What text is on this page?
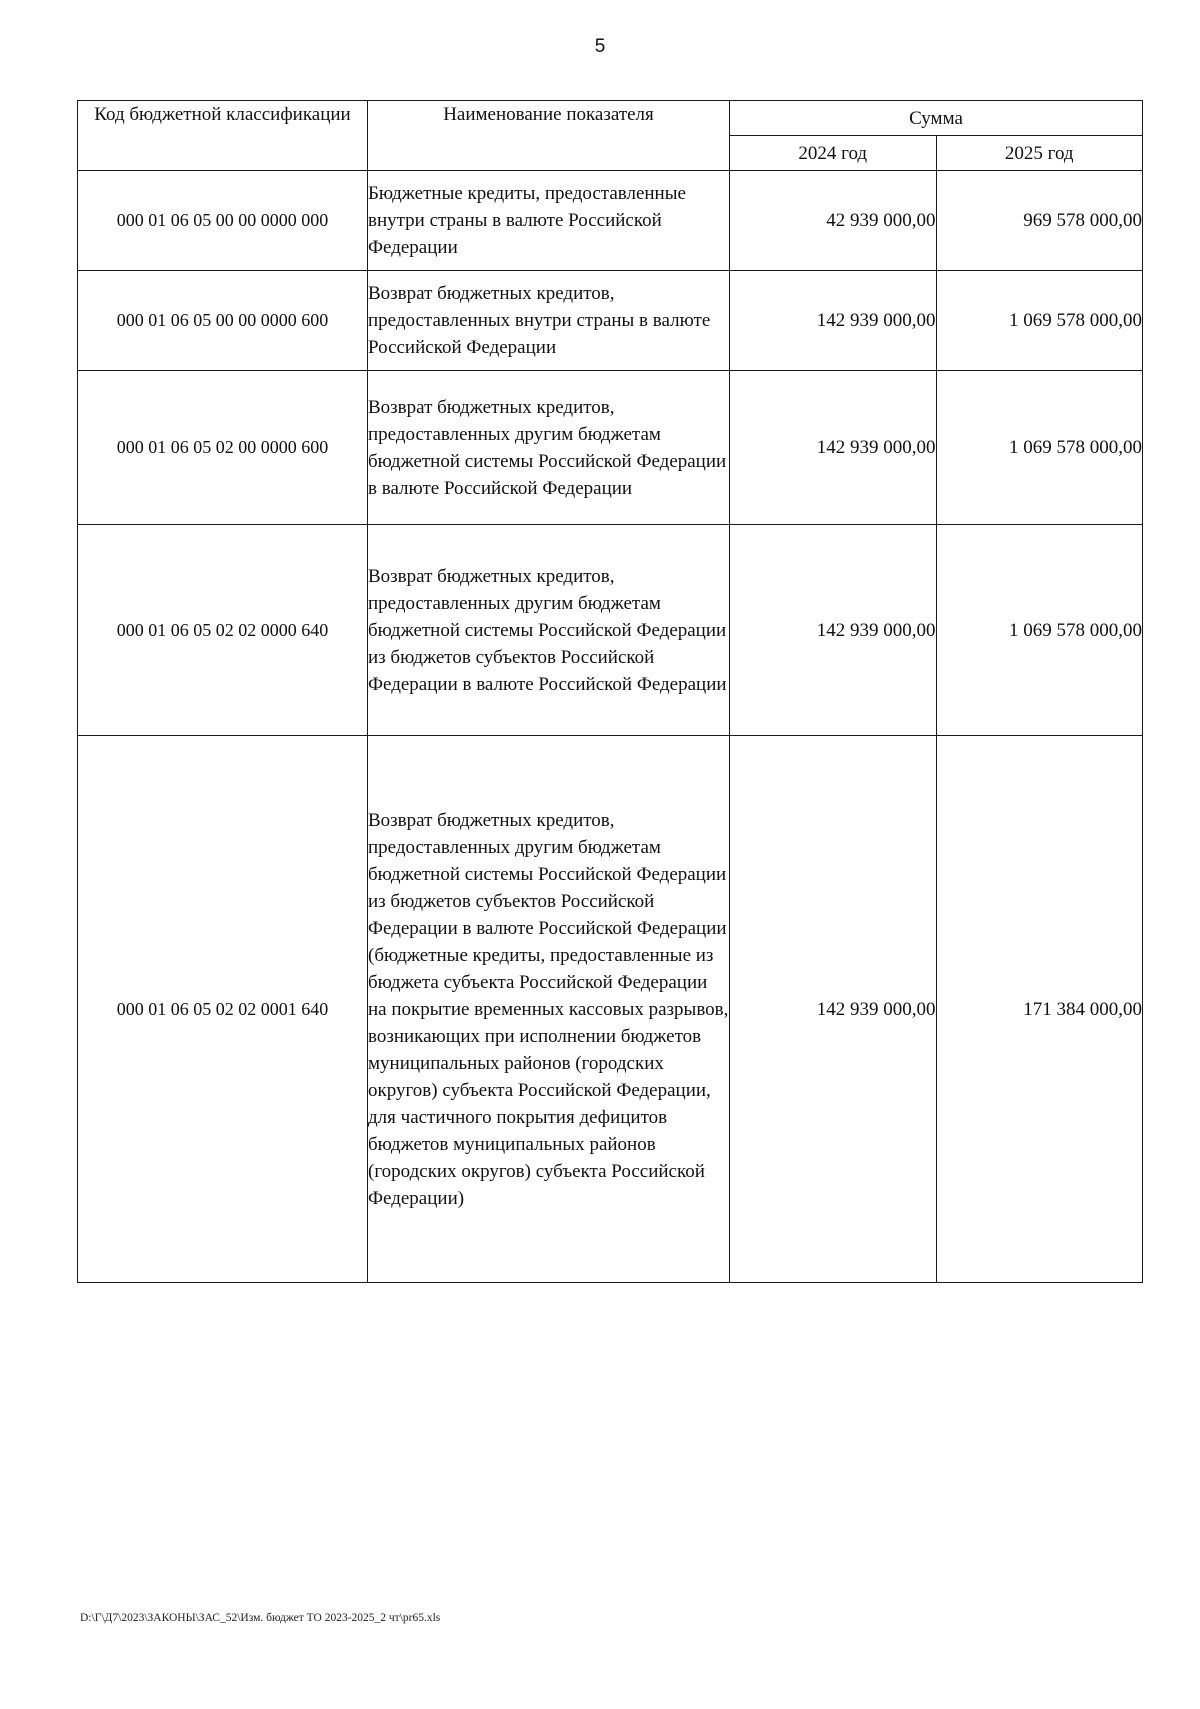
5
Код бюджетной классификации	Наименование показателя	Сумма	
		2024 год	2025 год
000 01 06 05 00 00 0000 000	Бюджетные кредиты, предоставленные внутри страны в валюте Российской Федерации	42 939 000,00	969 578 000,00
000 01 06 05 00 00 0000 600	Возврат бюджетных кредитов, предоставленных внутри страны в валюте Российской Федерации	142 939 000,00	1 069 578 000,00
000 01 06 05 02 00 0000 600	Возврат бюджетных кредитов, предоставленных другим бюджетам бюджетной системы Российской Федерации в валюте Российской Федерации	142 939 000,00	1 069 578 000,00
000 01 06 05 02 02 0000 640	Возврат бюджетных кредитов, предоставленных другим бюджетам бюджетной системы Российской Федерации из бюджетов субъектов Российской Федерации в валюте Российской Федерации	142 939 000,00	1 069 578 000,00
000 01 06 05 02 02 0001 640	Возврат бюджетных кредитов, предоставленных другим бюджетам бюджетной системы Российской Федерации из бюджетов субъектов Российской Федерации в валюте Российской Федерации (бюджетные кредиты, предоставленные из бюджета субъекта Российской Федерации на покрытие временных кассовых разрывов, возникающих при исполнении бюджетов муниципальных районов (городских округов) субъекта Российской Федерации, для частичного покрытия дефицитов бюджетов муниципальных районов (городских округов) субъекта Российской Федерации)	142 939 000,00	171 384 000,00
D:\Г\Д7\2023\ЗАКОНЫ\ЗАС_52\Изм. бюджет ТО 2023-2025_2 чт\pr65.xls
